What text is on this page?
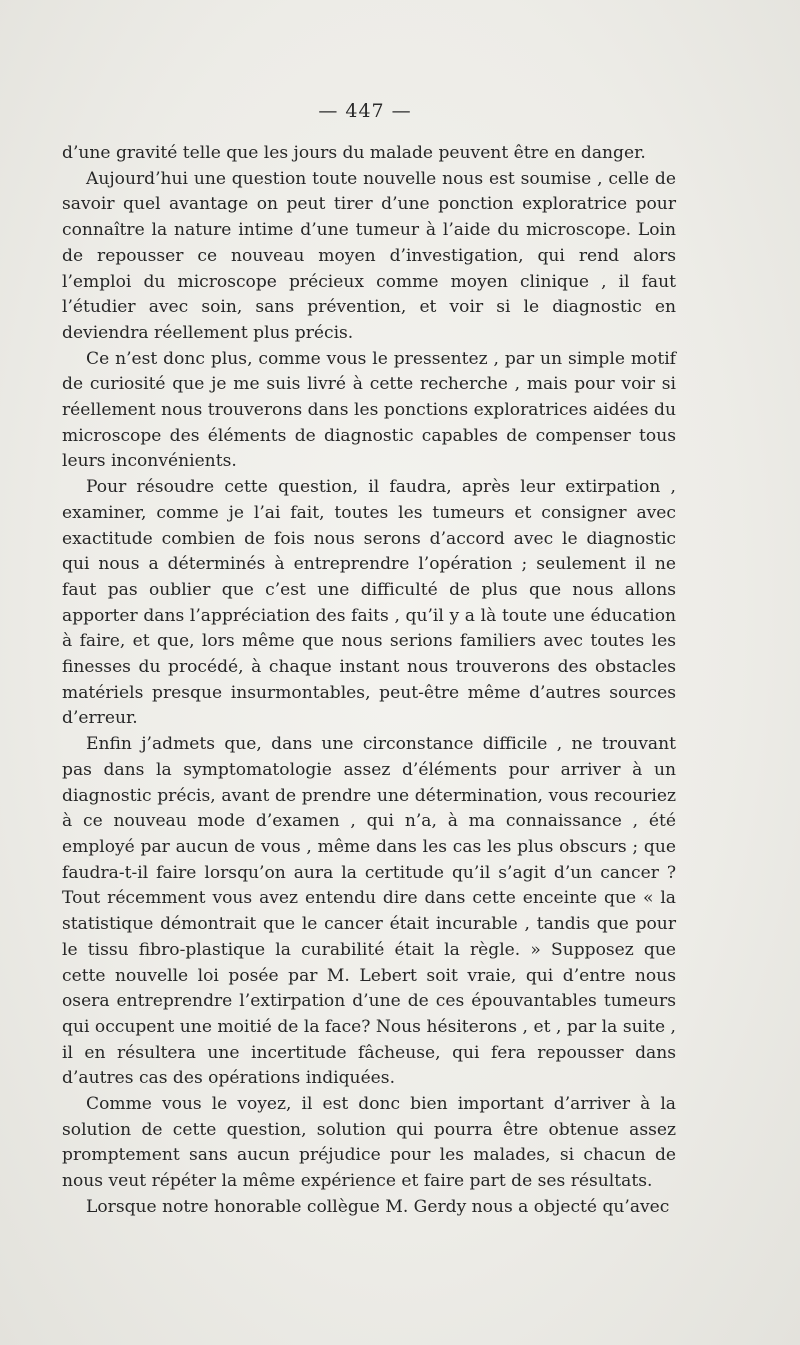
— 447 —

d’une gravité telle que les jours du malade peuvent être en danger.

Aujourd’hui une question toute nouvelle nous est soumise , celle de savoir quel avantage on peut tirer d’une ponction exploratrice pour connaître la nature intime d’une tumeur à l’aide du microscope. Loin de repousser ce nouveau moyen d’investigation, qui rend alors l’emploi du microscope précieux comme moyen clinique , il faut l’étudier avec soin, sans prévention, et voir si le diagnostic en deviendra réellement plus précis.

Ce n’est donc plus, comme vous le pressentez , par un simple motif de curiosité que je me suis livré à cette recherche , mais pour voir si réellement nous trouverons dans les ponctions exploratrices aidées du microscope des éléments de diagnostic capables de compenser tous leurs inconvénients.

Pour résoudre cette question, il faudra, après leur extirpation , examiner, comme je l’ai fait, toutes les tumeurs et consigner avec exactitude combien de fois nous serons d’accord avec le diagnostic qui nous a déterminés à entreprendre l’opération ; seulement il ne faut pas oublier que c’est une difficulté de plus que nous allons apporter dans l’appréciation des faits , qu’il y a là toute une éducation à faire, et que, lors même que nous serions familiers avec toutes les finesses du procédé, à chaque instant nous trouverons des obstacles matériels presque insurmontables, peut-être même d’autres sources d’erreur.

Enfin j’admets que, dans une circonstance difficile , ne trouvant pas dans la symptomatologie assez d’éléments pour arriver à un diagnostic précis, avant de prendre une détermination, vous recouriez à ce nouveau mode d’examen , qui n’a, à ma connaissance , été employé par aucun de vous , même dans les cas les plus obscurs ; que faudra-t-il faire lorsqu’on aura la certitude qu’il s’agit d’un cancer ? Tout récemment vous avez entendu dire dans cette enceinte que « la statistique démontrait que le cancer était incurable , tandis que pour le tissu fibro-plastique la curabilité était la règle. » Supposez que cette nouvelle loi posée par M. Lebert soit vraie, qui d’entre nous osera entreprendre l’extirpation d’une de ces épouvantables tumeurs qui occupent une moitié de la face? Nous hésiterons , et , par la suite , il en résultera une incertitude fâcheuse, qui fera repousser dans d’autres cas des opérations indiquées.

Comme vous le voyez, il est donc bien important d’arriver à la solution de cette question, solution qui pourra être obtenue assez promptement sans aucun préjudice pour les malades, si chacun de nous veut répéter la même expérience et faire part de ses résultats.

Lorsque notre honorable collègue M. Gerdy nous a objecté qu’avec
